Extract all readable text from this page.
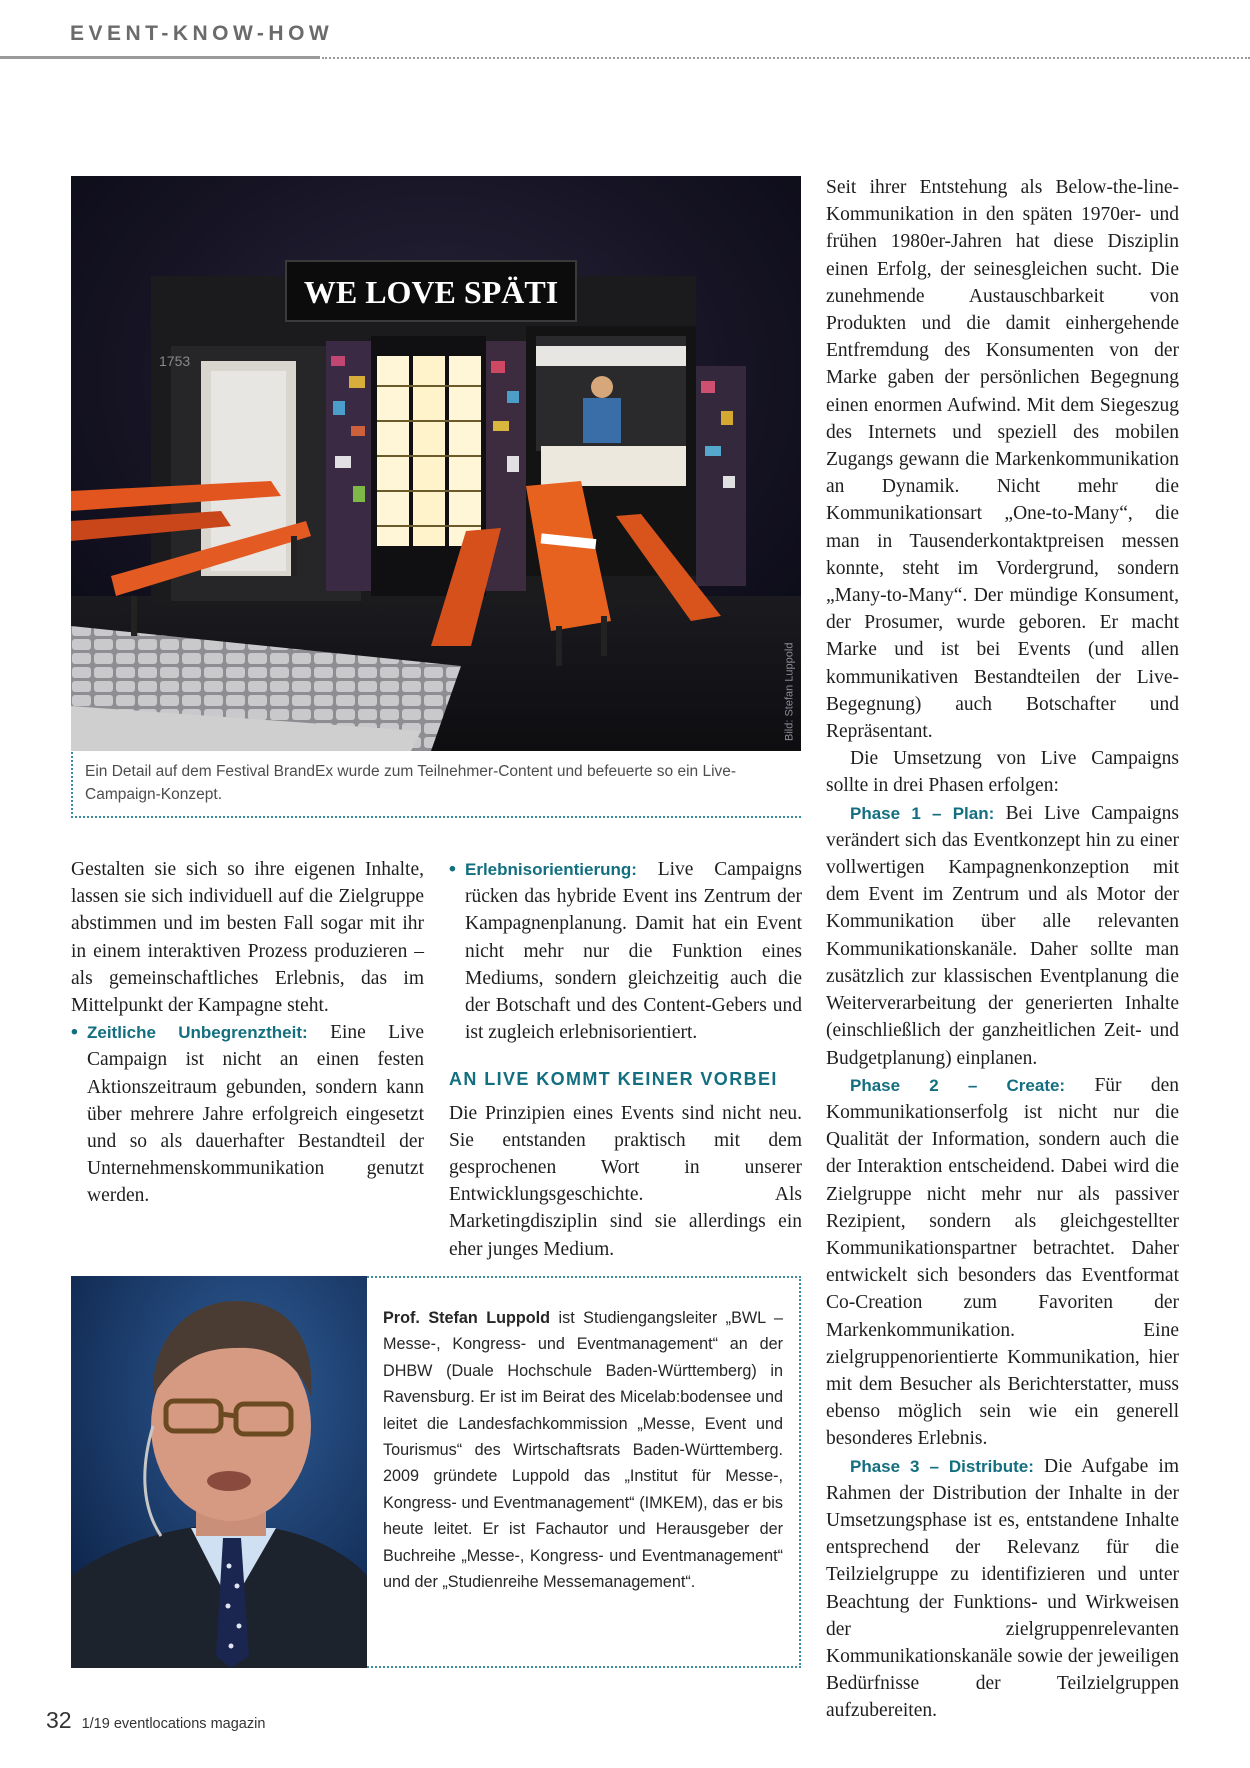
EVENT-KNOW-HOW
WE LOVE SPÄTI
1753
Bild: Stefan Luppold

Ein Detail auf dem Festival BrandEx wurde zum Teilnehmer-Content und befeuerte so ein Live-Campaign-Konzept.

Gestalten sie sich so ihre eigenen Inhalte, lassen sie sich individuell auf die Zielgruppe abstimmen und im besten Fall sogar mit ihr in einem interaktiven Prozess produzieren – als gemeinschaftliches Erlebnis, das im Mittelpunkt der Kampagne steht.

• Zeitliche Unbegrenztheit: Eine Live Campaign ist nicht an einen festen Aktionszeitraum gebunden, sondern kann über mehrere Jahre erfolgreich eingesetzt und so als dauerhafter Bestandteil der Unternehmenskommunikation genutzt werden.

• Erlebnisorientierung: Live Campaigns rücken das hybride Event ins Zentrum der Kampagnenplanung. Damit hat ein Event nicht mehr nur die Funktion eines Mediums, sondern gleichzeitig auch die der Botschaft und des Content-Gebers und ist zugleich erlebnisorientiert.

AN LIVE KOMMT KEINER VORBEI

Die Prinzipien eines Events sind nicht neu. Sie entstanden praktisch mit dem gesprochenen Wort in unserer Entwicklungsgeschichte. Als Marketingdisziplin sind sie allerdings ein eher junges Medium.

Seit ihrer Entstehung als Below-the-line-Kommunikation in den späten 1970er- und frühen 1980er-Jahren hat diese Disziplin einen Erfolg, der seinesgleichen sucht. Die zunehmende Austauschbarkeit von Produkten und die damit einhergehende Entfremdung des Konsumenten von der Marke gaben der persönlichen Begegnung einen enormen Aufwind. Mit dem Siegeszug des Internets und speziell des mobilen Zugangs gewann die Markenkommunikation an Dynamik. Nicht mehr die Kommunikationsart „One-to-Many“, die man in Tausenderkontaktpreisen messen konnte, steht im Vordergrund, sondern „Many-to-Many“. Der mündige Konsument, der Prosumer, wurde geboren. Er macht Marke und ist bei Events (und allen kommunikativen Bestandteilen der Live-Begegnung) auch Botschafter und Repräsentant.

Die Umsetzung von Live Campaigns sollte in drei Phasen erfolgen:

Phase 1 – Plan: Bei Live Campaigns verändert sich das Eventkonzept hin zu einer vollwertigen Kampagnenkonzeption mit dem Event im Zentrum und als Motor der Kommunikation über alle relevanten Kommunikationskanäle. Daher sollte man zusätzlich zur klassischen Eventplanung die Weiterverarbeitung der generierten Inhalte (einschließlich der ganzheitlichen Zeit- und Budgetplanung) einplanen.

Phase 2 – Create: Für den Kommunikationserfolg ist nicht nur die Qualität der Information, sondern auch die der Interaktion entscheidend. Dabei wird die Zielgruppe nicht mehr nur als passiver Rezipient, sondern als gleichgestellter Kommunikationspartner betrachtet. Daher entwickelt sich besonders das Eventformat Co-Creation zum Favoriten der Markenkommunikation. Eine zielgruppenorientierte Kommunikation, hier mit dem Besucher als Berichterstatter, muss ebenso möglich sein wie ein generell besonderes Erlebnis.

Phase 3 – Distribute: Die Aufgabe im Rahmen der Distribution der Inhalte in der Umsetzungsphase ist es, entstandene Inhalte entsprechend der Relevanz für die Teilzielgruppe zu identifizieren und unter Beachtung der Funktions- und Wirkweisen der zielgruppenrelevanten Kommunikationskanäle sowie der jeweiligen Bedürfnisse der Teilzielgruppen aufzubereiten.

Prof. Stefan Luppold ist Studiengangsleiter „BWL – Messe-, Kongress- und Eventmanagement“ an der DHBW (Duale Hochschule Baden-Württemberg) in Ravensburg. Er ist im Beirat des Micelab:bodensee und leitet die Landesfachkommission „Messe, Event und Tourismus“ des Wirtschaftsrats Baden-Württemberg. 2009 gründete Luppold das „Institut für Messe-, Kongress- und Eventmanagement“ (IMKEM), das er bis heute leitet. Er ist Fachautor und Herausgeber der Buchreihe „Messe-, Kongress- und Eventmanagement“ und der „Studienreihe Messemanagement“.

32 1/19 eventlocations magazin
